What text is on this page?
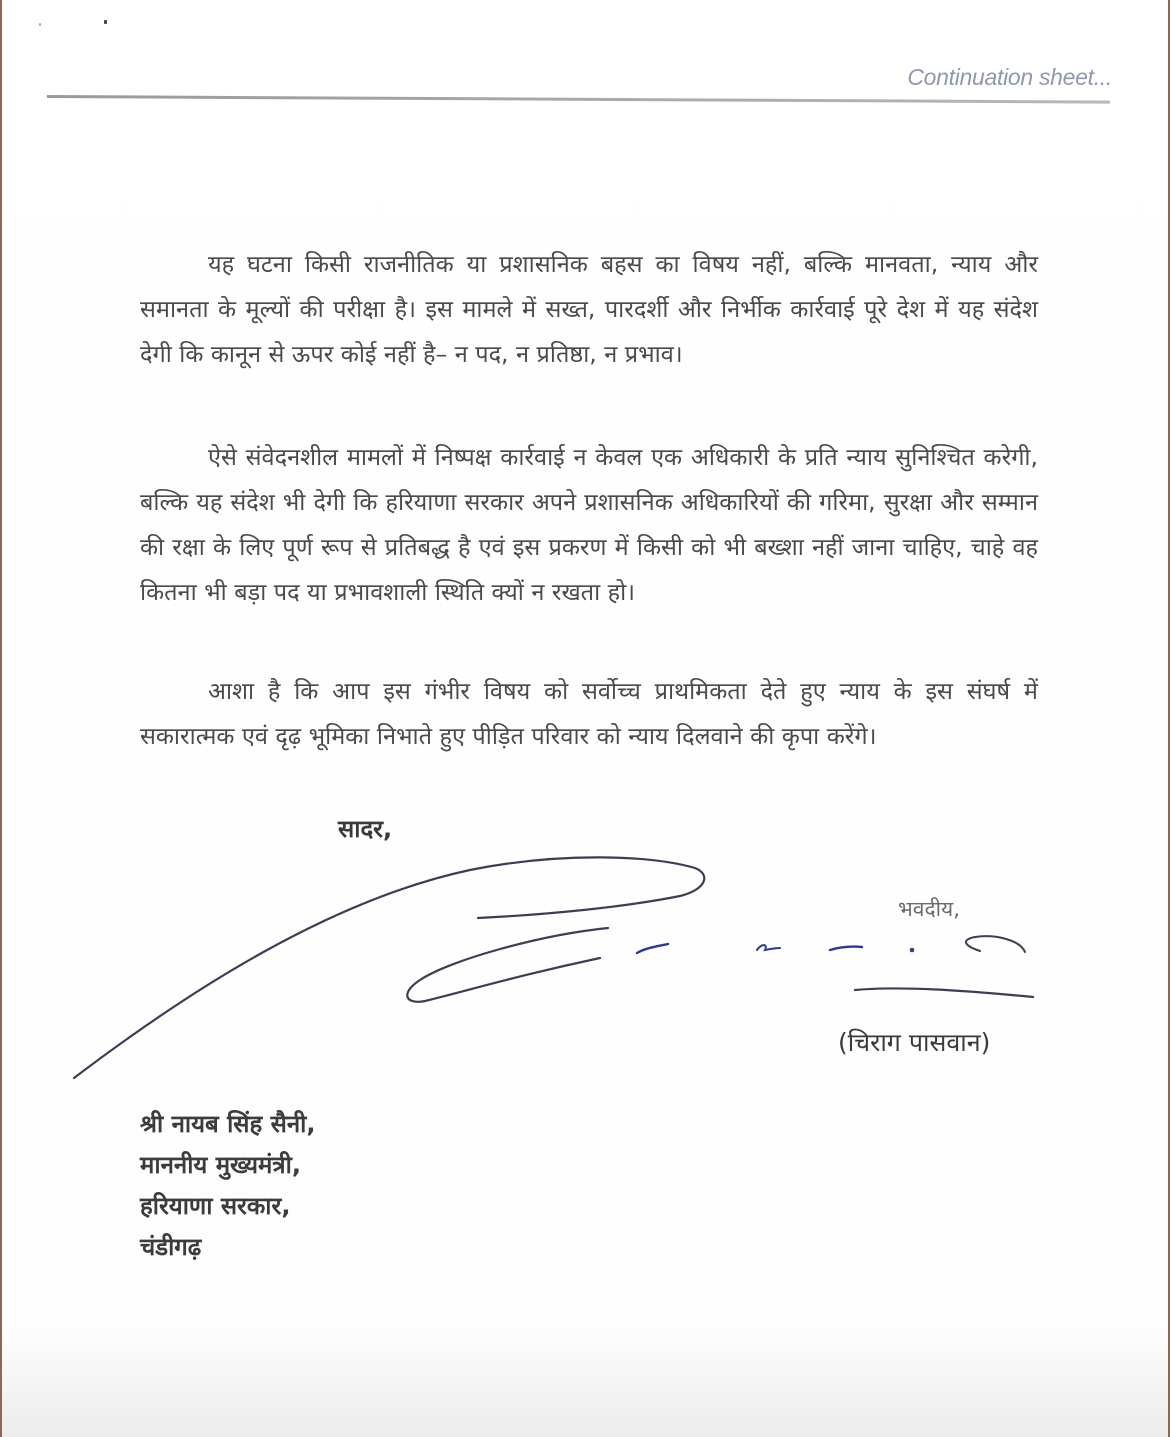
Continuation sheet...

यह घटना किसी राजनीतिक या प्रशासनिक बहस का विषय नहीं, बल्कि मानवता, न्याय और समानता के मूल्यों की परीक्षा है। इस मामले में सख्त, पारदर्शी और निर्भीक कार्रवाई पूरे देश में यह संदेश देगी कि कानून से ऊपर कोई नहीं है– न पद, न प्रतिष्ठा, न प्रभाव।

ऐसे संवेदनशील मामलों में निष्पक्ष कार्रवाई न केवल एक अधिकारी के प्रति न्याय सुनिश्चित करेगी, बल्कि यह संदेश भी देगी कि हरियाणा सरकार अपने प्रशासनिक अधिकारियों की गरिमा, सुरक्षा और सम्मान की रक्षा के लिए पूर्ण रूप से प्रतिबद्ध है एवं इस प्रकरण में किसी को भी बख्शा नहीं जाना चाहिए, चाहे वह कितना भी बड़ा पद या प्रभावशाली स्थिति क्यों न रखता हो।

आशा है कि आप इस गंभीर विषय को सर्वोच्च प्राथमिकता देते हुए न्याय के इस संघर्ष में सकारात्मक एवं दृढ़ भूमिका निभाते हुए पीड़ित परिवार को न्याय दिलवाने की कृपा करेंगे।

सादर,
भवदीय,
(चिराग पासवान)
श्री नायब सिंह सैनी,
माननीय मुख्यमंत्री,
हरियाणा सरकार,
चंडीगढ़
